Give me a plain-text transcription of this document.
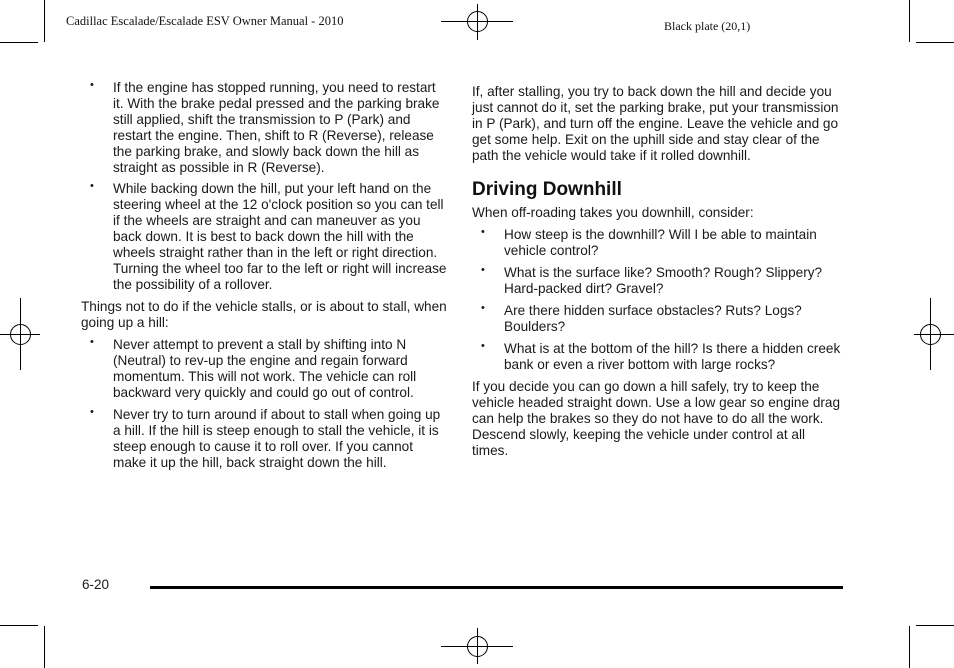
Cadillac Escalade/Escalade ESV Owner Manual - 2010	Black plate (20,1)
• If the engine has stopped running, you need to restart it. With the brake pedal pressed and the parking brake still applied, shift the transmission to P (Park) and restart the engine. Then, shift to R (Reverse), release the parking brake, and slowly back down the hill as straight as possible in R (Reverse).
• While backing down the hill, put your left hand on the steering wheel at the 12 o'clock position so you can tell if the wheels are straight and can maneuver as you back down. It is best to back down the hill with the wheels straight rather than in the left or right direction. Turning the wheel too far to the left or right will increase the possibility of a rollover.

Things not to do if the vehicle stalls, or is about to stall, when going up a hill:

• Never attempt to prevent a stall by shifting into N (Neutral) to rev-up the engine and regain forward momentum. This will not work. The vehicle can roll backward very quickly and could go out of control.
• Never try to turn around if about to stall when going up a hill. If the hill is steep enough to stall the vehicle, it is steep enough to cause it to roll over. If you cannot make it up the hill, back straight down the hill.

If, after stalling, you try to back down the hill and decide you just cannot do it, set the parking brake, put your transmission in P (Park), and turn off the engine. Leave the vehicle and go get some help. Exit on the uphill side and stay clear of the path the vehicle would take if it rolled downhill.

Driving Downhill

When off-roading takes you downhill, consider:

• How steep is the downhill? Will I be able to maintain vehicle control?
• What is the surface like? Smooth? Rough? Slippery? Hard-packed dirt? Gravel?
• Are there hidden surface obstacles? Ruts? Logs? Boulders?
• What is at the bottom of the hill? Is there a hidden creek bank or even a river bottom with large rocks?

If you decide you can go down a hill safely, try to keep the vehicle headed straight down. Use a low gear so engine drag can help the brakes so they do not have to do all the work. Descend slowly, keeping the vehicle under control at all times.

6-20
